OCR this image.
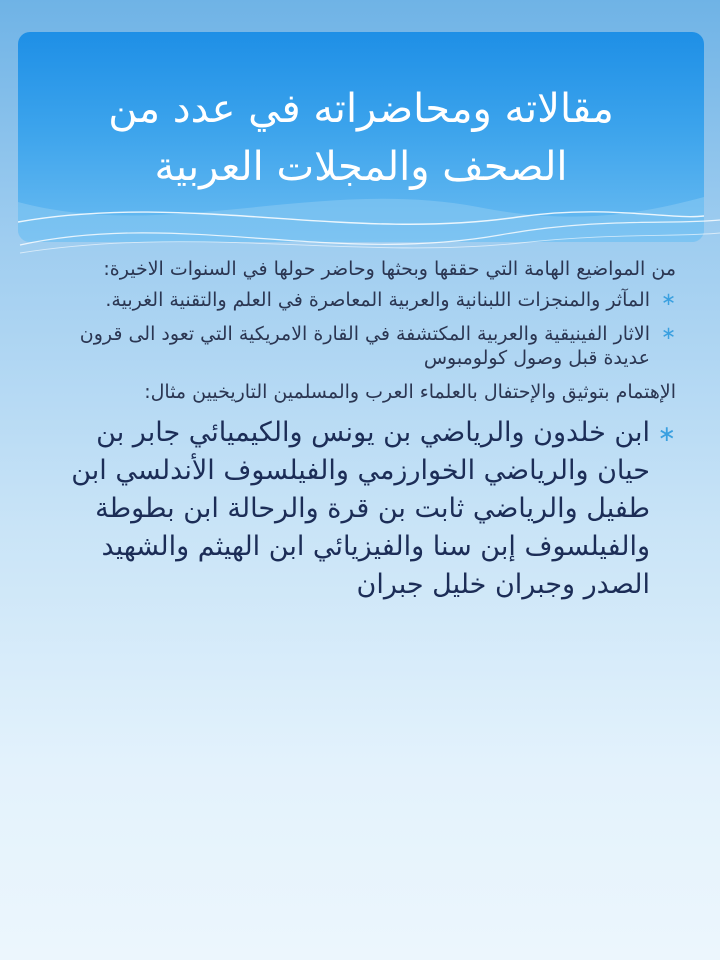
مقالاته ومحاضراته في عدد من الصحف والمجلات العربية
من المواضيع الهامة التي حققها وبحثها وحاضر حولها في السنوات الاخيرة:
∗
المآثر والمنجزات اللبنانية والعربية المعاصرة في العلم والتقنية الغربية.
∗
الاثار الفينيقية والعربية المكتشفة في القارة الامريكية التي تعود الى قرون عديدة قبل وصول كولومبوس
الإهتمام بتوثيق والإحتفال بالعلماء العرب والمسلمين التاريخيين مثال:
∗
ابن خلدون والرياضي بن يونس والكيميائي جابر بن حيان والرياضي الخوارزمي والفيلسوف الأندلسي ابن طفيل والرياضي ثابت بن قرة والرحالة ابن بطوطة والفيلسوف إبن سنا والفيزيائي ابن الهيثم والشهيد الصدر وجبران خليل جبران
